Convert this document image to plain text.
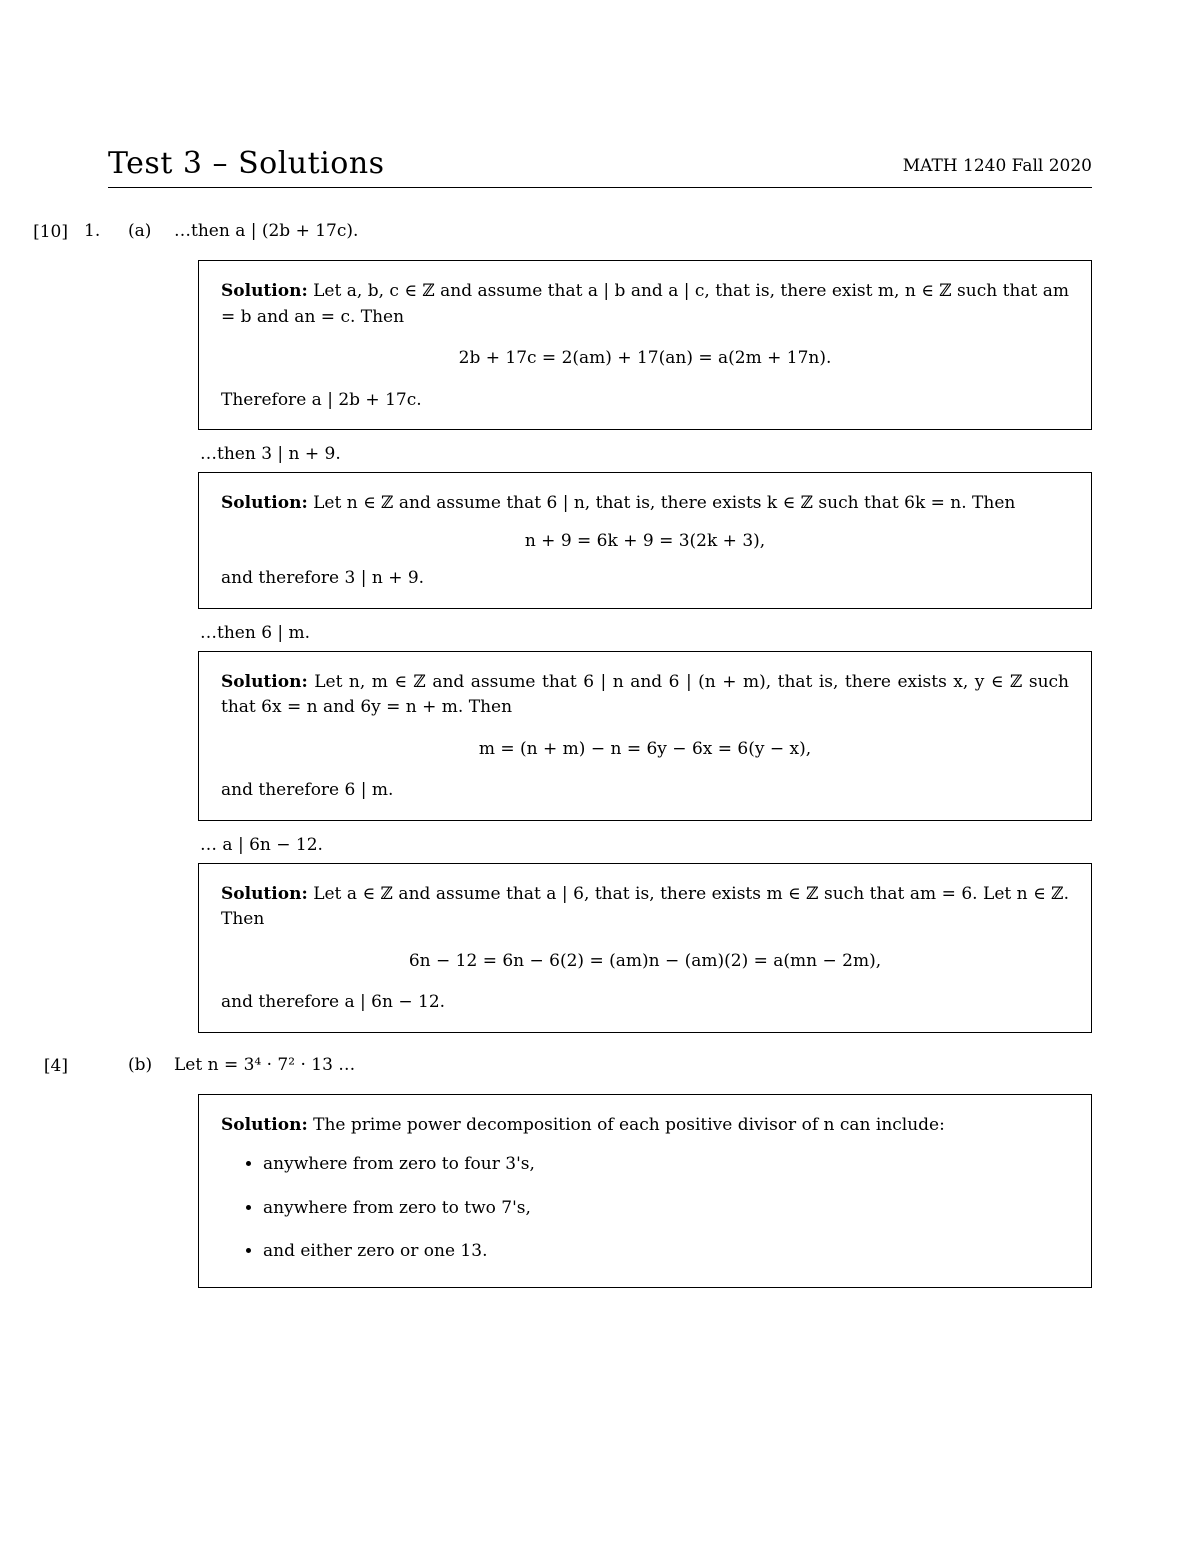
Test 3 – Solutions	MATH 1240 Fall 2020
[10] 1.	(a)	…then a | (2b + 17c).

Solution: Let a, b, c ∈ ℤ and assume that a | b and a | c, that is, there exist m, n ∈ ℤ such that am = b and an = c. Then

2b + 17c = 2(am) + 17(an) = a(2m + 17n).

Therefore a | 2b + 17c.

…then 3 | n + 9.

Solution: Let n ∈ ℤ and assume that 6 | n, that is, there exists k ∈ ℤ such that 6k = n. Then

n + 9 = 6k + 9 = 3(2k + 3),

and therefore 3 | n + 9.

…then 6 | m.

Solution: Let n, m ∈ ℤ and assume that 6 | n and 6 | (n + m), that is, there exists x, y ∈ ℤ such that 6x = n and 6y = n + m. Then

m = (n + m) − n = 6y − 6x = 6(y − x),

and therefore 6 | m.

… a | 6n − 12.

Solution: Let a ∈ ℤ and assume that a | 6, that is, there exists m ∈ ℤ such that am = 6. Let n ∈ ℤ. Then

6n − 12 = 6n − 6(2) = (am)n − (am)(2) = a(mn − 2m),

and therefore a | 6n − 12.

[4]	(b)	Let n = 3⁴ · 7² · 13 …

Solution: The prime power decomposition of each positive divisor of n can include:

• anywhere from zero to four 3's,
• anywhere from zero to two 7's,
• and either zero or one 13.
